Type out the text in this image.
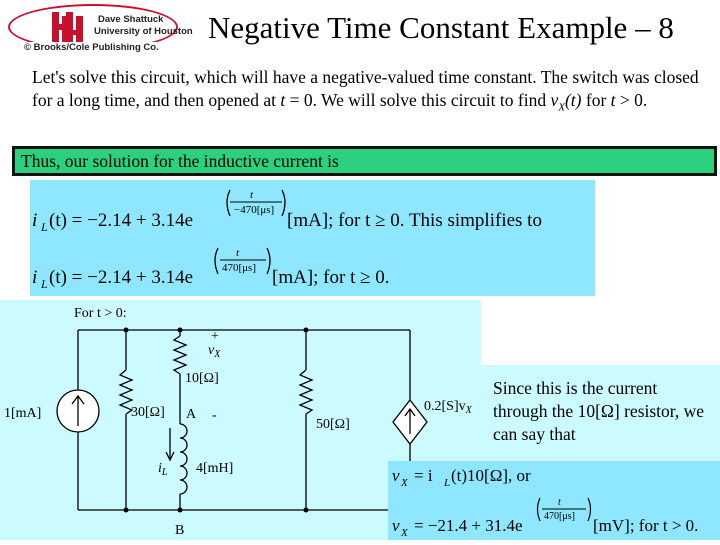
Dave Shattuck
University of Houston
© Brooks/Cole Publishing Co.
Negative Time Constant Example – 8
Let's solve this circuit, which will have a negative-valued time constant. The switch was closed for a long time, and then opened at t = 0. We will solve this circuit to find $v_X(t)$ for t > 0.
Thus, our solution for the inductive current is
i L (t) = −2.14 + 3.14e
t
−470[μs] [mA]; for t ≥ 0. This simplifies to
i L (t) = −2.14 + 3.14e
t
470[μs] [mA]; for t ≥ 0.
For t > 0:
1[mA]	30[Ω]
10[Ω]
+
$v_X$
-
A
$i_L$ 4[mH]
B
50[Ω]
$0.2[S]v_X$
Since this is the current through the 10[Ω] resistor, we can say that
v X = i L (t)10[Ω], or
v X = −21.4 + 31.4e
t
470[μs] [mV]; for t > 0.
